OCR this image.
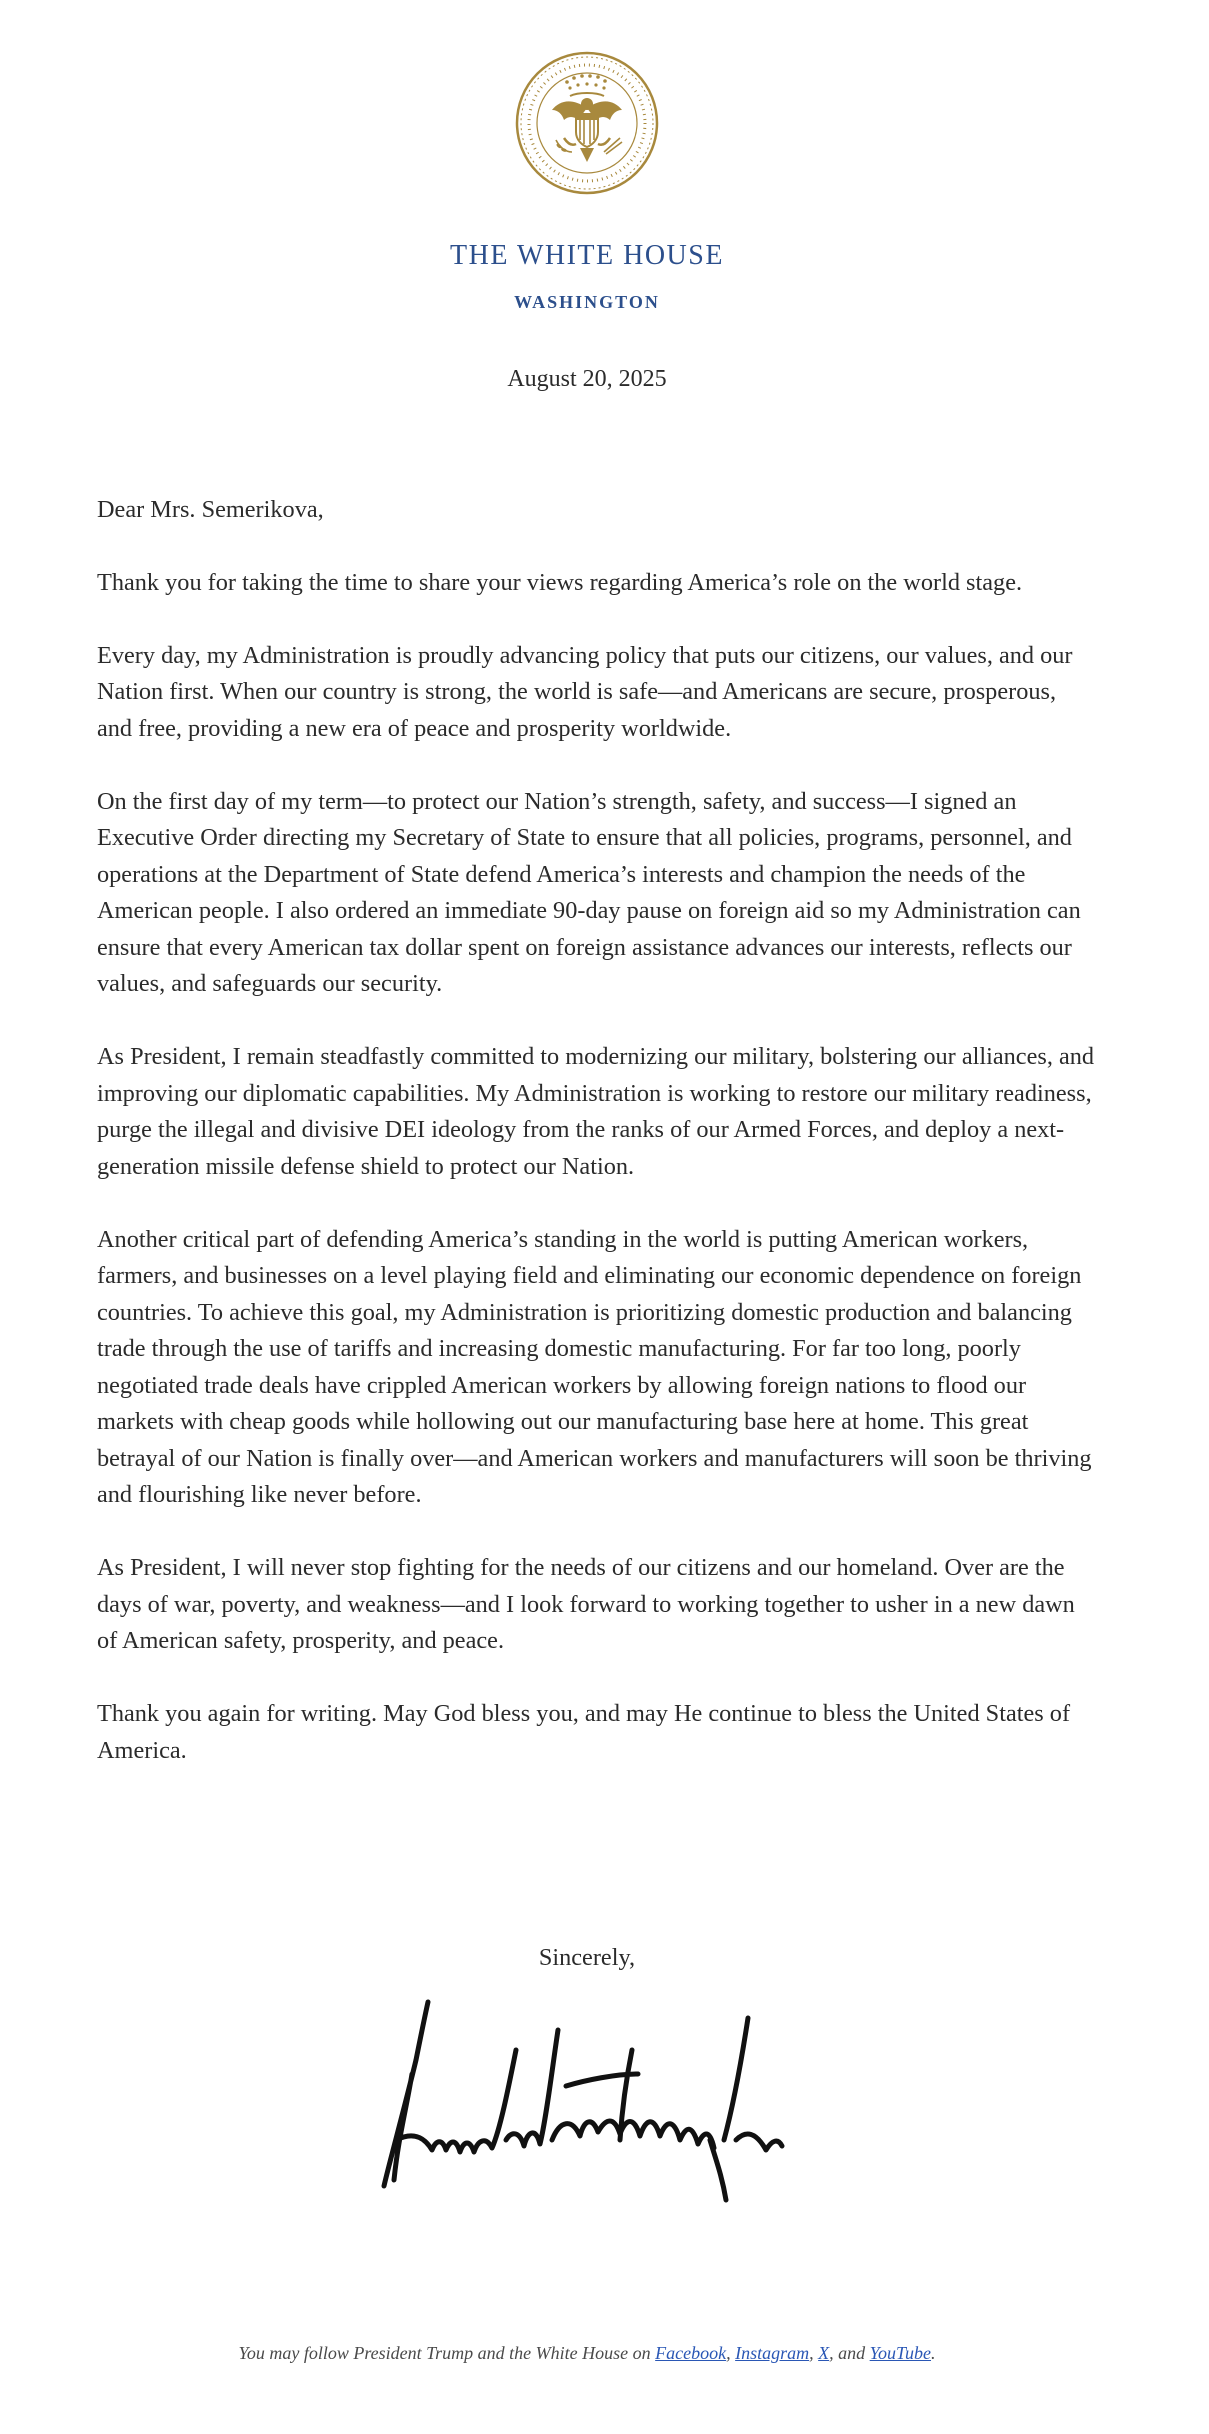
THE WHITE HOUSE
WASHINGTON
August 20, 2025

Dear Mrs. Semerikova,

Thank you for taking the time to share your views regarding America’s role on the world stage.

Every day, my Administration is proudly advancing policy that puts our citizens, our values, and our Nation first. When our country is strong, the world is safe—and Americans are secure, prosperous, and free, providing a new era of peace and prosperity worldwide.

On the first day of my term—to protect our Nation’s strength, safety, and success—I signed an Executive Order directing my Secretary of State to ensure that all policies, programs, personnel, and operations at the Department of State defend America’s interests and champion the needs of the American people. I also ordered an immediate 90-day pause on foreign aid so my Administration can ensure that every American tax dollar spent on foreign assistance advances our interests, reflects our values, and safeguards our security.

As President, I remain steadfastly committed to modernizing our military, bolstering our alliances, and improving our diplomatic capabilities. My Administration is working to restore our military readiness, purge the illegal and divisive DEI ideology from the ranks of our Armed Forces, and deploy a next-generation missile defense shield to protect our Nation.

Another critical part of defending America’s standing in the world is putting American workers, farmers, and businesses on a level playing field and eliminating our economic dependence on foreign countries. To achieve this goal, my Administration is prioritizing domestic production and balancing trade through the use of tariffs and increasing domestic manufacturing. For far too long, poorly negotiated trade deals have crippled American workers by allowing foreign nations to flood our markets with cheap goods while hollowing out our manufacturing base here at home. This great betrayal of our Nation is finally over—and American workers and manufacturers will soon be thriving and flourishing like never before.

As President, I will never stop fighting for the needs of our citizens and our homeland. Over are the days of war, poverty, and weakness—and I look forward to working together to usher in a new dawn of American safety, prosperity, and peace.

Thank you again for writing. May God bless you, and may He continue to bless the United States of America.

Sincerely,
You may follow President Trump and the White House on Facebook, Instagram, X, and YouTube.
